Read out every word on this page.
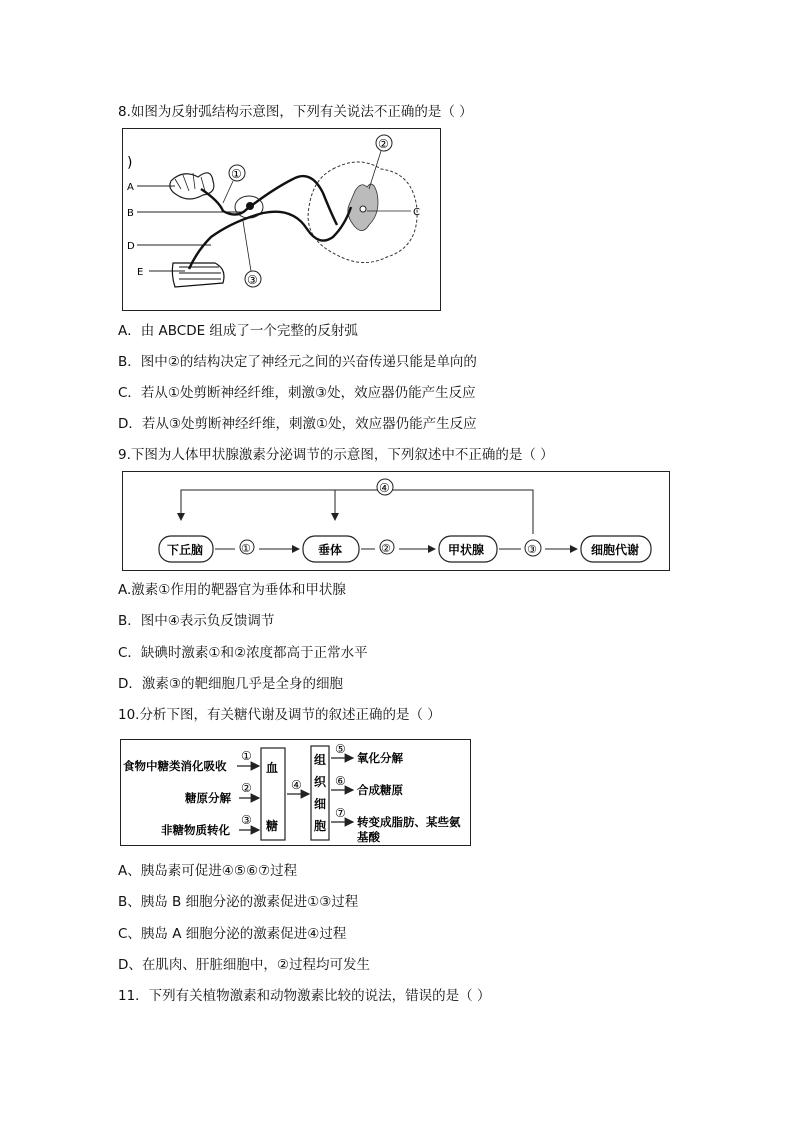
8.如图为反射弧结构示意图，下列有关说法不正确的是（ ）
)
A
B
D
E
①
②
C
③
A．由 ABCDE 组成了一个完整的反射弧
B．图中②的结构决定了神经元之间的兴奋传递只能是单向的
C．若从①处剪断神经纤维，刺激③处，效应器仍能产生反应
D．若从③处剪断神经纤维，刺激①处，效应器仍能产生反应
9.下图为人体甲状腺激素分泌调节的示意图，下列叙述中不正确的是（ ）
④
下丘脑	垂体	甲状腺	细胞代谢
①	②	③
A.激素①作用的靶器官为垂体和甲状腺
B．图中④表示负反馈调节
C．缺碘时激素①和②浓度都高于正常水平
D．激素③的靶细胞几乎是全身的细胞
10.分析下图，有关糖代谢及调节的叙述正确的是（ ）
食物中糖类消化吸收
糖原分解
非糖物质转化
①
②
③
血
糖
④
组
织
细
胞
⑤
⑥
⑦
氧化分解
合成糖原
转变成脂肪、某些氨
基酸
A、胰岛素可促进④⑤⑥⑦过程
B、胰岛 B 细胞分泌的激素促进①③过程
C、胰岛 A 细胞分泌的激素促进④过程
D、在肌肉、肝脏细胞中，②过程均可发生
11．下列有关植物激素和动物激素比较的说法，错误的是（ ）
